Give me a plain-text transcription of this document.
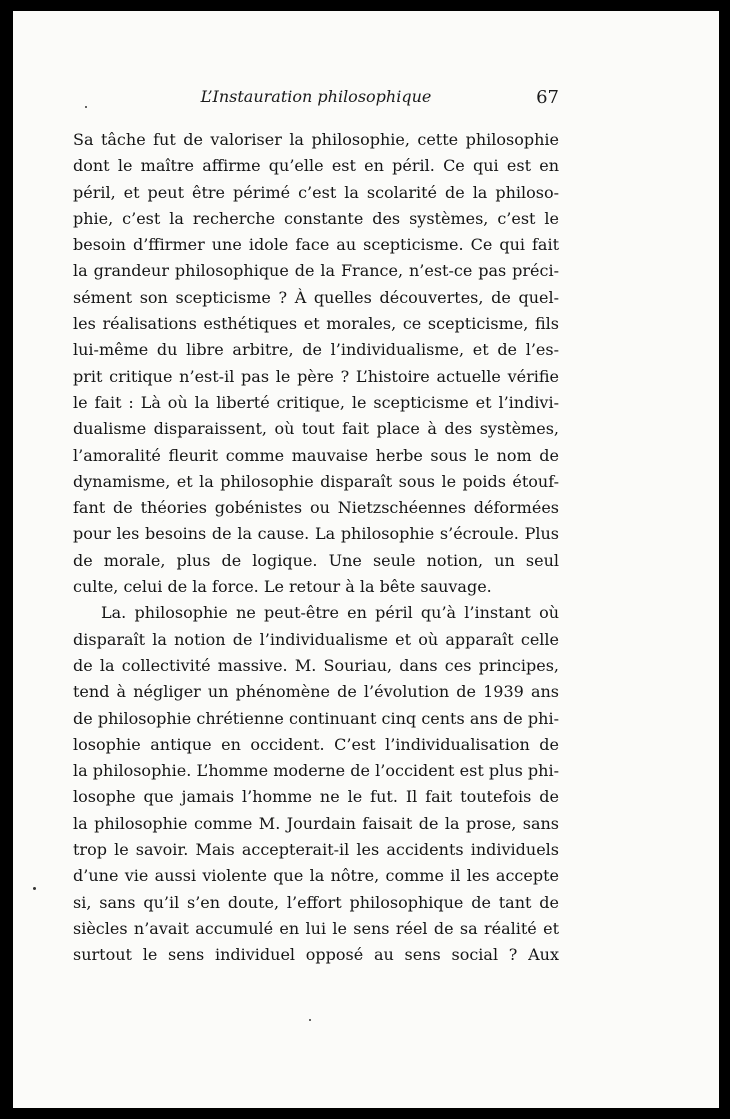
L’Instauration philosophique	67
Sa tâche fut de valoriser la philosophie, cette philosophie
dont le maître affirme qu’elle est en péril. Ce qui est en
péril, et peut être périmé c’est la scolarité de la philoso-
phie, c’est la recherche constante des systèmes, c’est le
besoin d’ffirmer une idole face au scepticisme. Ce qui fait
la grandeur philosophique de la France, n’est-ce pas préci-
sément son scepticisme ? À quelles découvertes, de quel-
les réalisations esthétiques et morales, ce scepticisme, fils
lui-même du libre arbitre, de l’individualisme, et de l’es-
prit critique n’est-il pas le père ? L’histoire actuelle vérifie
le fait : Là où la liberté critique, le scepticisme et l’indivi-
dualisme disparaissent, où tout fait place à des systèmes,
l’amoralité fleurit comme mauvaise herbe sous le nom de
dynamisme, et la philosophie disparaît sous le poids étouf-
fant de théories gobénistes ou Nietzschéennes déformées
pour les besoins de la cause. La philosophie s’écroule. Plus
de morale, plus de logique. Une seule notion, un seul
culte, celui de la force. Le retour à la bête sauvage.
La. philosophie ne peut-être en péril qu’à l’instant où
disparaît la notion de l’individualisme et où apparaît celle
de la collectivité massive. M. Souriau, dans ces principes,
tend à négliger un phénomène de l’évolution de 1939 ans
de philosophie chrétienne continuant cinq cents ans de phi-
losophie antique en occident. C’est l’individualisation de
la philosophie. L’homme moderne de l’occident est plus phi-
losophe que jamais l’homme ne le fut. Il fait toutefois de
la philosophie comme M. Jourdain faisait de la prose, sans
trop le savoir. Mais accepterait-il les accidents individuels
d’une vie aussi violente que la nôtre, comme il les accepte
si, sans qu’il s’en doute, l’effort philosophique de tant de
siècles n’avait accumulé en lui le sens réel de sa réalité et
surtout le sens individuel opposé au sens social ? Aux
